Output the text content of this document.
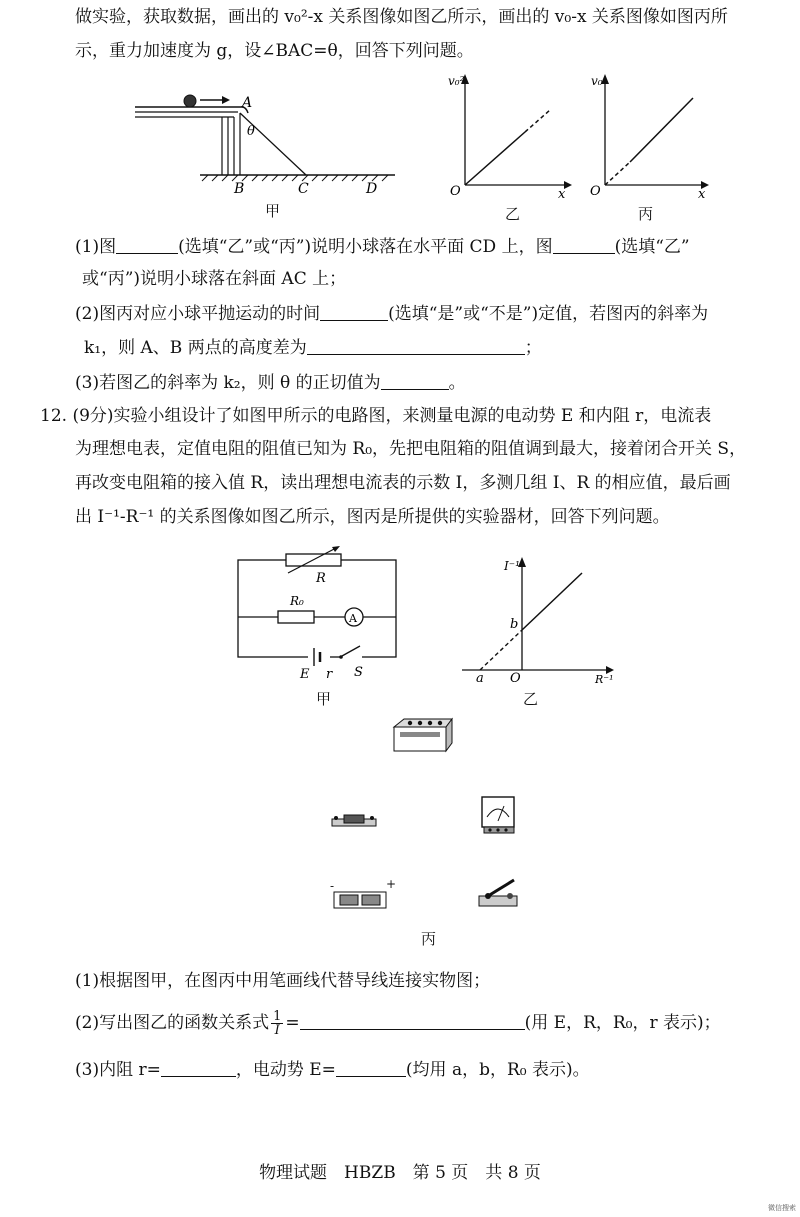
做实验，获取数据，画出的 v₀²-x 关系图像如图乙所示，画出的 v₀-x 关系图像如图丙所
示，重力加速度为 g，设∠BAC=θ，回答下列问题。
A
θ
B	C	D
甲
v₀²
O	x
乙
v₀
O	x
丙
(1)图	(选填“乙”或“丙”)说明小球落在水平面 CD 上，图	(选填“乙”
或“丙”)说明小球落在斜面 AC 上；
(2)图丙对应小球平抛运动的时间	(选填“是”或“不是”)定值，若图丙的斜率为
k₁，则 A、B 两点的高度差为	；
(3)若图乙的斜率为 k₂，则 θ 的正切值为	。
12. (9分)实验小组设计了如图甲所示的电路图，来测量电源的电动势 E 和内阻 r，电流表
为理想电表，定值电阻的阻值已知为 R₀，先把电阻箱的阻值调到最大，接着闭合开关 S，
再改变电阻箱的接入值 R，读出理想电流表的示数 I，多测几组 I、R 的相应值，最后画
出 I⁻¹-R⁻¹ 的关系图像如图乙所示，图丙是所提供的实验器材，回答下列问题。
R
R₀
A
E r S
甲
I⁻¹
b
a O	R⁻¹
乙
-	+
丙
(1)根据图甲，在图丙中用笔画线代替导线连接实物图；
(2)写出图乙的函数关系式 $\frac{1}{I}$ =	(用 E，R，R₀，r 表示)；
(3)内阻 r=	，电动势 E=	(均用 a，b，R₀ 表示)。
物理试题　HBZB　第 5 页　共 8 页
微信搜索
